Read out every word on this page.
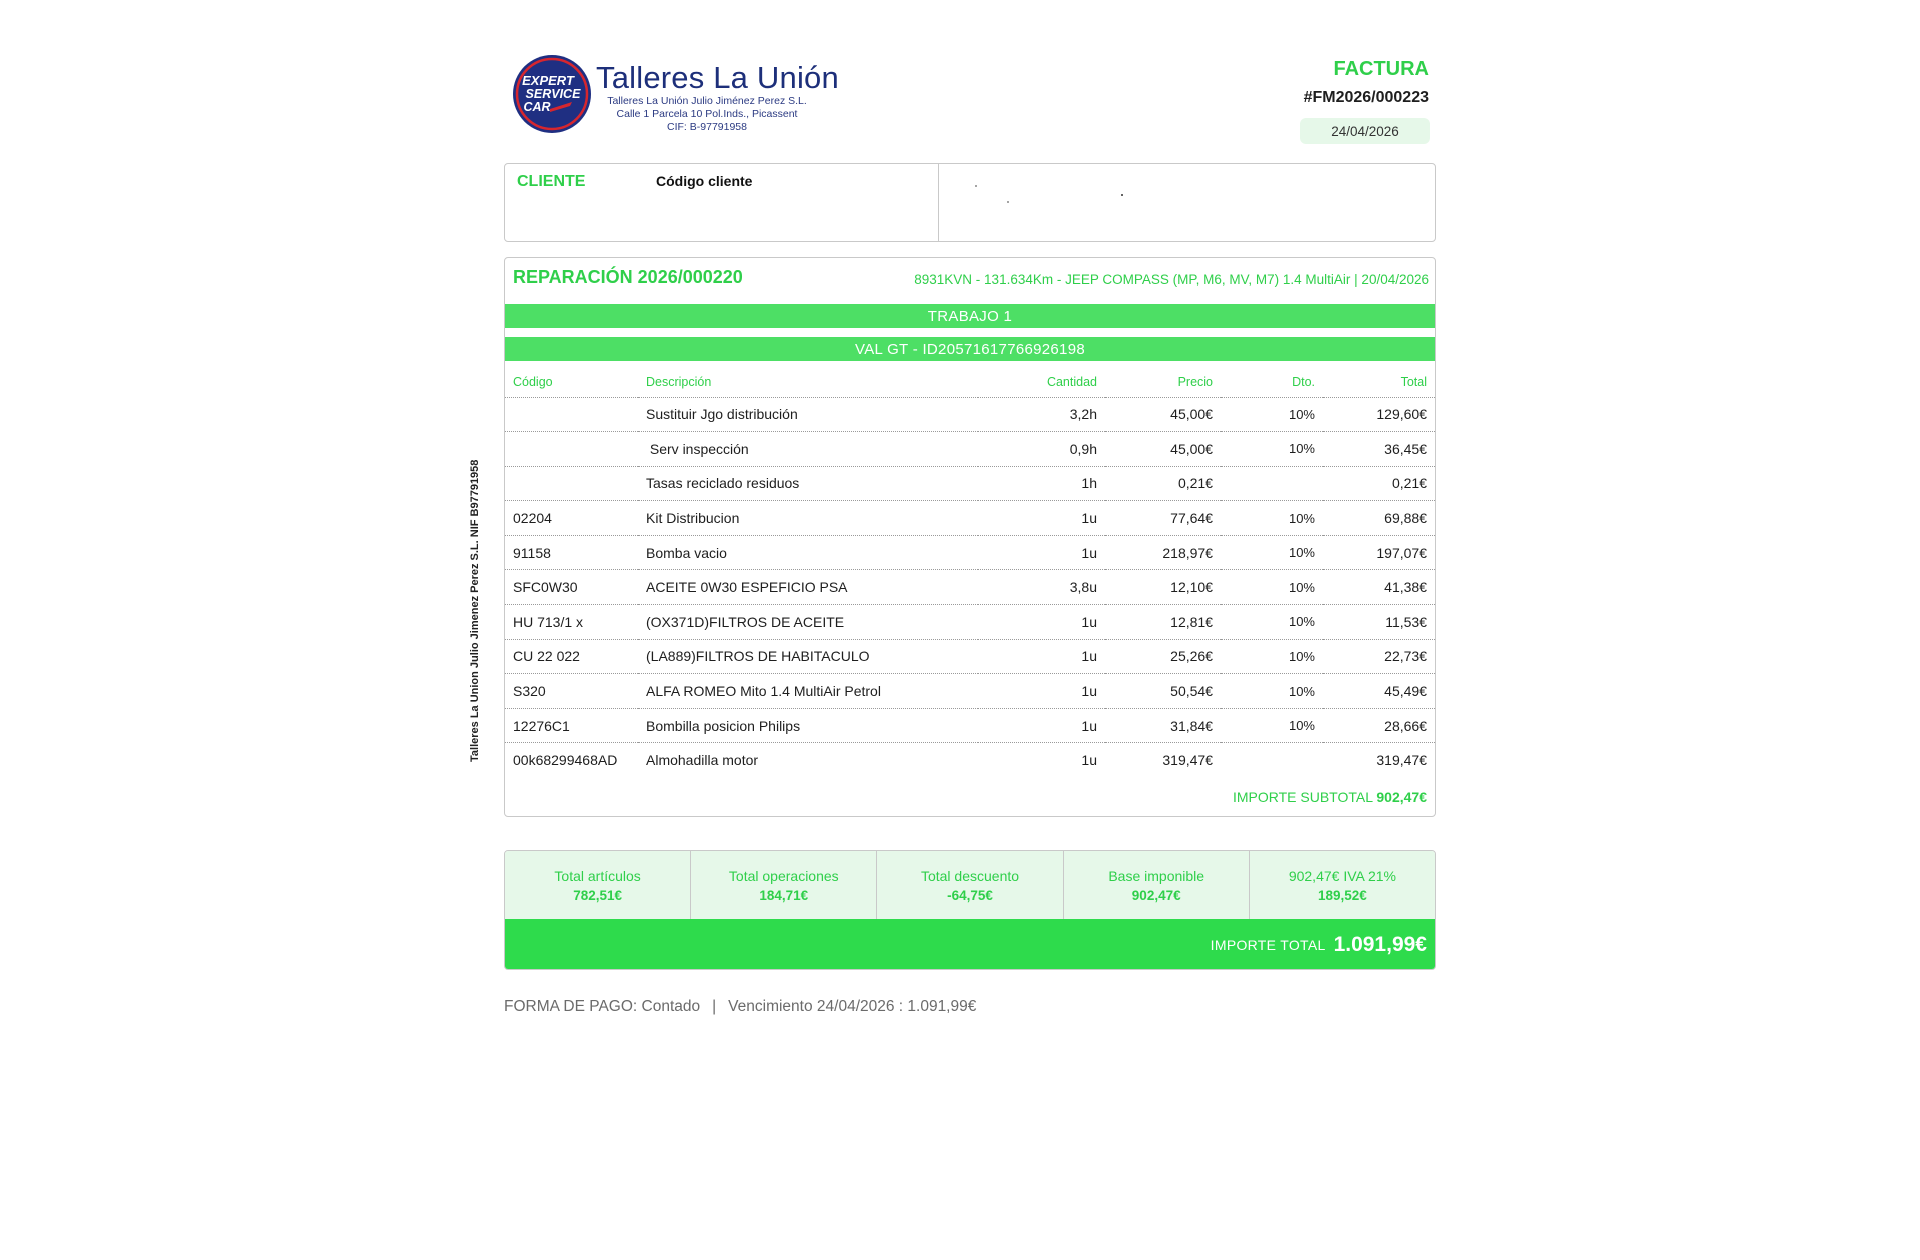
Talleres La Union Julio Jimenez Perez S.L. NIF B97791958
EXPERT
SERVICE
CAR
Talleres La Unión
Talleres La Unión Julio Jiménez Perez S.L.
Calle 1 Parcela 10 Pol.Inds., Picassent
CIF: B-97791958
FACTURA
#FM2026/000223
24/04/2026
CLIENTE	Código cliente
REPARACIÓN 2026/000220	8931KVN - 131.634Km - JEEP COMPASS (MP, M6, MV, M7) 1.4 MultiAir | 20/04/2026
TRABAJO 1
VAL GT - ID20571617766926198
Código	Descripción	Cantidad	Precio	Dto.	Total
	Sustituir Jgo distribución	3,2h	45,00€	10%	129,60€
	Serv inspección	0,9h	45,00€	10%	36,45€
	Tasas reciclado residuos	1h	0,21€		0,21€
02204	Kit Distribucion	1u	77,64€	10%	69,88€
91158	Bomba vacio	1u	218,97€	10%	197,07€
SFC0W30	ACEITE 0W30 ESPEFICIO PSA	3,8u	12,10€	10%	41,38€
HU 713/1 x	(OX371D)FILTROS DE ACEITE	1u	12,81€	10%	11,53€
CU 22 022	(LA889)FILTROS DE HABITACULO	1u	25,26€	10%	22,73€
S320	ALFA ROMEO Mito 1.4 MultiAir Petrol	1u	50,54€	10%	45,49€
12276C1	Bombilla posicion Philips	1u	31,84€	10%	28,66€
00k68299468AD	Almohadilla motor	1u	319,47€		319,47€
IMPORTE SUBTOTAL 902,47€
Total artículos
782,51€
Total operaciones
184,71€
Total descuento
-64,75€
Base imponible
902,47€
902,47€ IVA 21%
189,52€
IMPORTE TOTAL 1.091,99€
FORMA DE PAGO: Contado | Vencimiento 24/04/2026 : 1.091,99€
